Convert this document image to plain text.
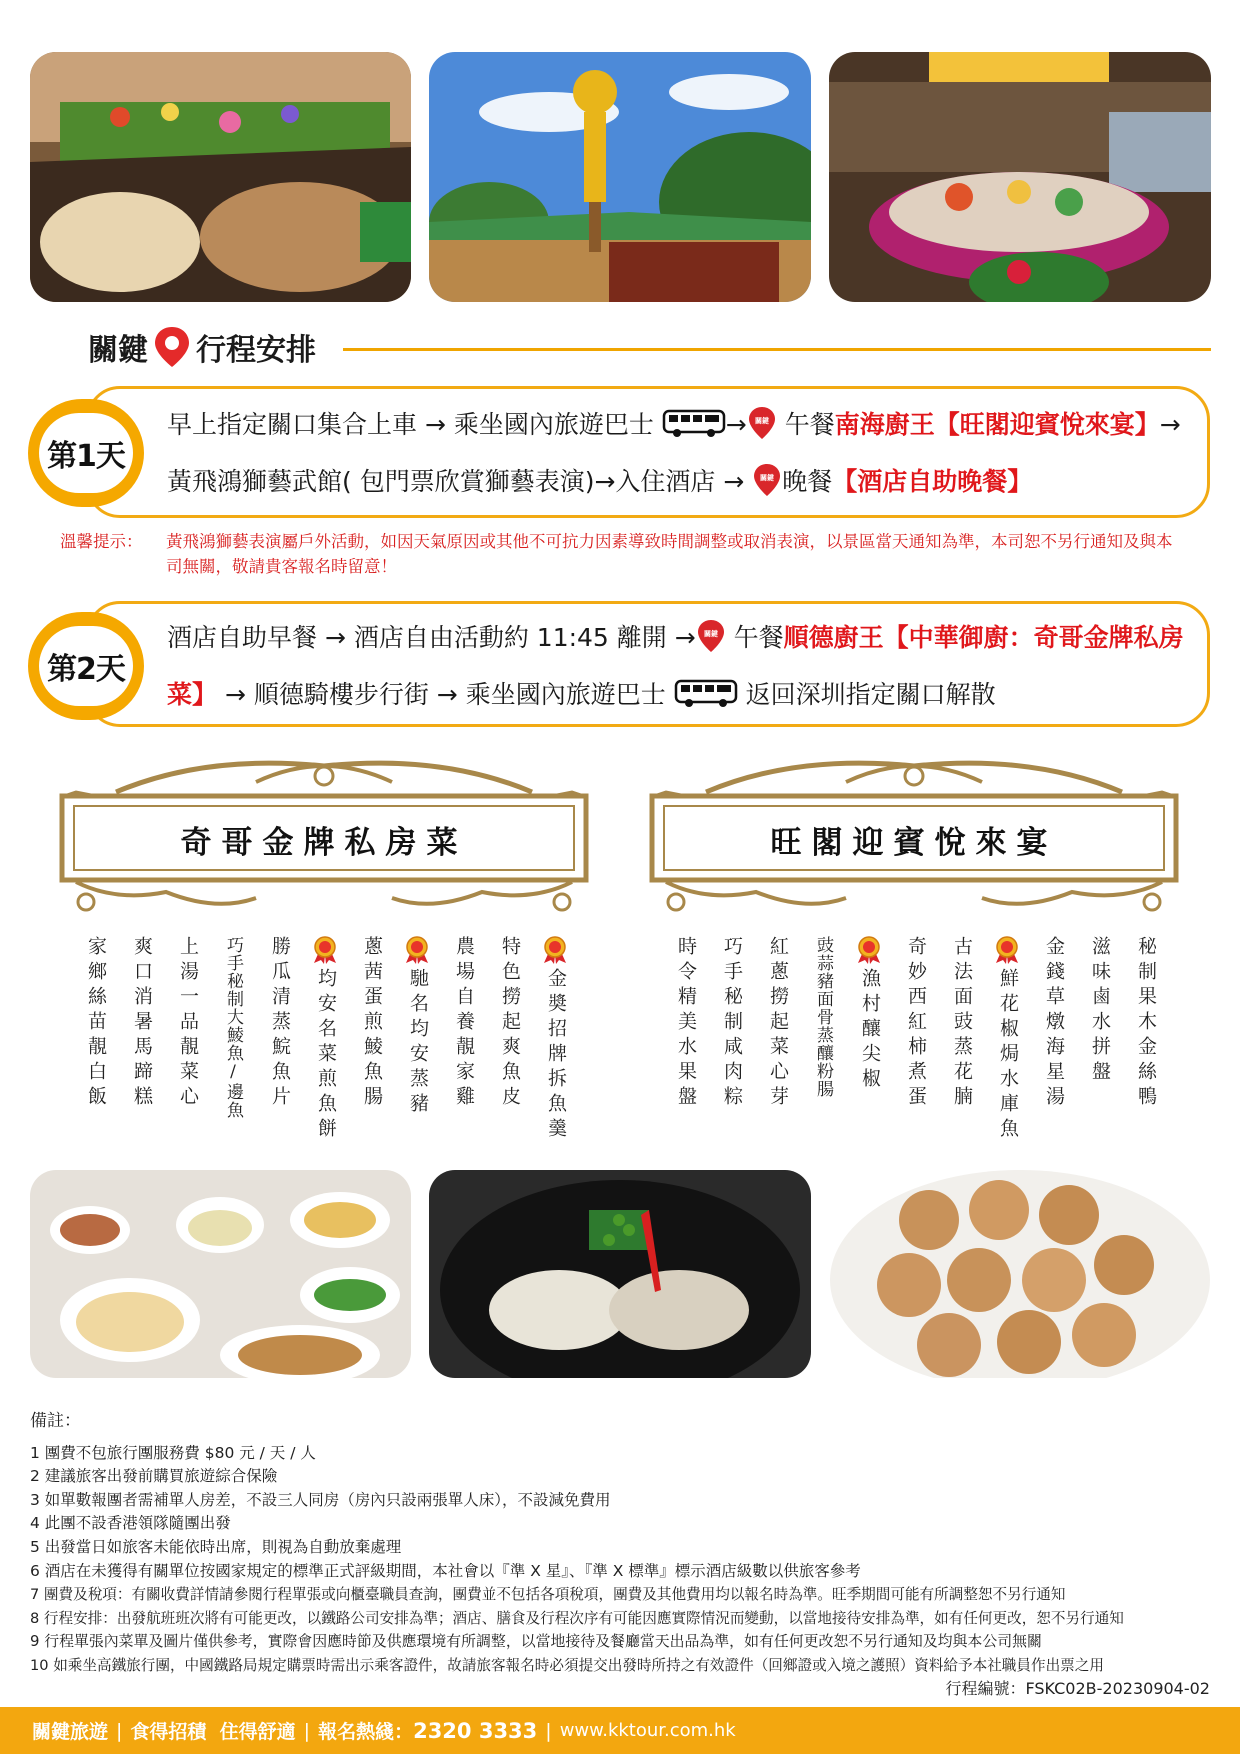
關鍵 行程安排
早上指定關口集合上車 → 乘坐國內旅遊巴士	→ 關鍵 午餐南海廚王【旺閣迎賓悅來宴】→ 黃飛鴻獅藝武館( 包門票欣賞獅藝表演)→入住酒店 → 關鍵 晚餐【酒店自助晚餐】
第1天
溫馨提示：	黃飛鴻獅藝表演屬戶外活動，如因天氣原因或其他不可抗力因素導致時間調整或取消表演，以景區當天通知為準，本司恕不另行通知及與本司無關，敬請貴客報名時留意！
酒店自助早餐 → 酒店自由活動約 11:45 離開 → 關鍵 午餐順德廚王【中華御廚：奇哥金牌私房菜】 → 順德騎樓步行街 → 乘坐國內旅遊巴士	返回深圳指定關口解散
第2天
奇哥金牌私房菜	旺閣迎賓悅來宴
金奬招牌拆魚羹
特色撈起爽魚皮
農場自養靚家雞
馳名均安蒸豬
蔥茜蛋煎鯪魚腸
均安名菜煎魚餅
勝瓜清蒸鯇魚片
巧手秘制大鯪魚/邊魚
上湯一品靚菜心
爽口消暑馬蹄糕
家鄉絲苗靚白飯	秘制果木金絲鴨
滋味鹵水拼盤
金錢草燉海星湯
鮮花椒焗水庫魚
古法面豉蒸花腩
奇妙西紅柿煮蛋
漁村釀尖椒
豉蒜豬面骨蒸釀粉腸
紅蔥撈起菜心芽
巧手秘制咸肉粽
時令精美水果盤
備註：
1 團費不包旅行團服務費 $80 元 / 天 / 人
2 建議旅客出發前購買旅遊綜合保險
3 如單數報團者需補單人房差，不設三人同房（房內只設兩張單人床），不設減免費用
4 此團不設香港領隊隨團出發
5 出發當日如旅客未能依時出席，則視為自動放棄處理
6 酒店在未獲得有關單位按國家規定的標準正式評級期間，本社會以『準 X 星』、『準 X 標準』標示酒店級數以供旅客參考
7 團費及稅項：有關收費詳情請參閱行程單張或向櫃臺職員查詢，團費並不包括各項稅項，團費及其他費用均以報名時為準。旺季期間可能有所調整恕不另行通知
8 行程安排：出發航班班次將有可能更改，以鐵路公司安排為準；酒店、膳食及行程次序有可能因應實際情況而變動，以當地接待安排為準，如有任何更改，恕不另行通知
9 行程單張內菜單及圖片僅供參考，實際會因應時節及供應環境有所調整，以當地接待及餐廳當天出品為準，如有任何更改恕不另行通知及均與本公司無關
10 如乘坐高鐵旅行團，中國鐵路局規定購票時需出示乘客證件，故請旅客報名時必須提交出發時所持之有效證件（回鄉證或入境之護照）資料給予本社職員作出票之用
行程編號：FSKC02B-20230904-02
關鍵旅遊 | 食得招積  住得舒適 | 報名熱綫： 2320 3333 | www.kktour.com.hk
